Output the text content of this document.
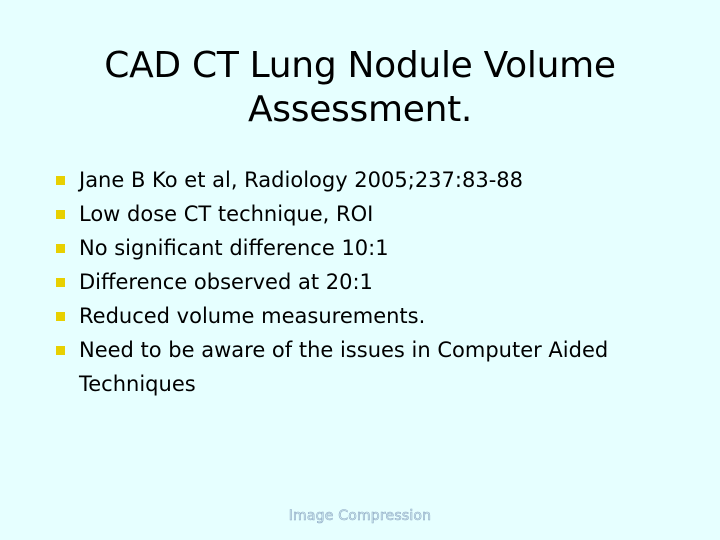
CAD CT Lung Nodule Volume Assessment.
Jane B Ko et al, Radiology 2005;237:83-88
Low dose CT technique, ROI
No significant difference 10:1
Difference observed at 20:1
Reduced volume measurements.
Need to be aware of the issues in Computer Aided Techniques
Image Compression
